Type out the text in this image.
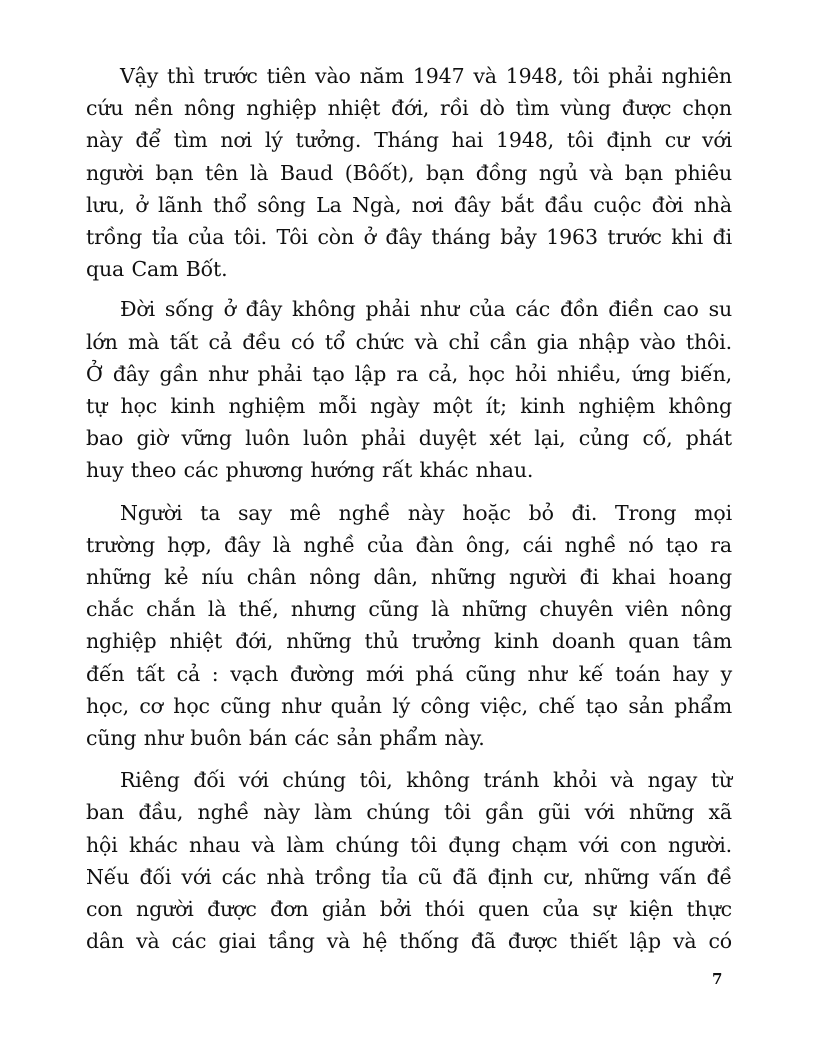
Vậy thì trước tiên vào năm 1947 và 1948, tôi phải nghiên
cứu nền nông nghiệp nhiệt đới, rồi dò tìm vùng được chọn
này để tìm nơi lý tưởng. Tháng hai 1948, tôi định cư với
người bạn tên là Baud (Bôốt), bạn đồng ngủ và bạn phiêu
lưu, ở lãnh thổ sông La Ngà, nơi đây bắt đầu cuộc đời nhà
trồng tỉa của tôi. Tôi còn ở đây tháng bảy 1963 trước khi đi
qua Cam Bốt.

Đời sống ở đây không phải như của các đồn điền cao su
lớn mà tất cả đều có tổ chức và chỉ cần gia nhập vào thôi.
Ở đây gần như phải tạo lập ra cả, học hỏi nhiều, ứng biến,
tự học kinh nghiệm mỗi ngày một ít; kinh nghiệm không
bao giờ vững luôn luôn phải duyệt xét lại, củng cố, phát
huy theo các phương hướng rất khác nhau.

Người ta say mê nghề này hoặc bỏ đi. Trong mọi
trường hợp, đây là nghề của đàn ông, cái nghề nó tạo ra
những kẻ níu chân nông dân, những người đi khai hoang
chắc chắn là thế, nhưng cũng là những chuyên viên nông
nghiệp nhiệt đới, những thủ trưởng kinh doanh quan tâm
đến tất cả : vạch đường mới phá cũng như kế toán hay y
học, cơ học cũng như quản lý công việc, chế tạo sản phẩm
cũng như buôn bán các sản phẩm này.

Riêng đối với chúng tôi, không tránh khỏi và ngay từ
ban đầu, nghề này làm chúng tôi gần gũi với những xã
hội khác nhau và làm chúng tôi đụng chạm với con người.
Nếu đối với các nhà trồng tỉa cũ đã định cư, những vấn đề
con người được đơn giản bởi thói quen của sự kiện thực
dân và các giai tầng và hệ thống đã được thiết lập và có

7
